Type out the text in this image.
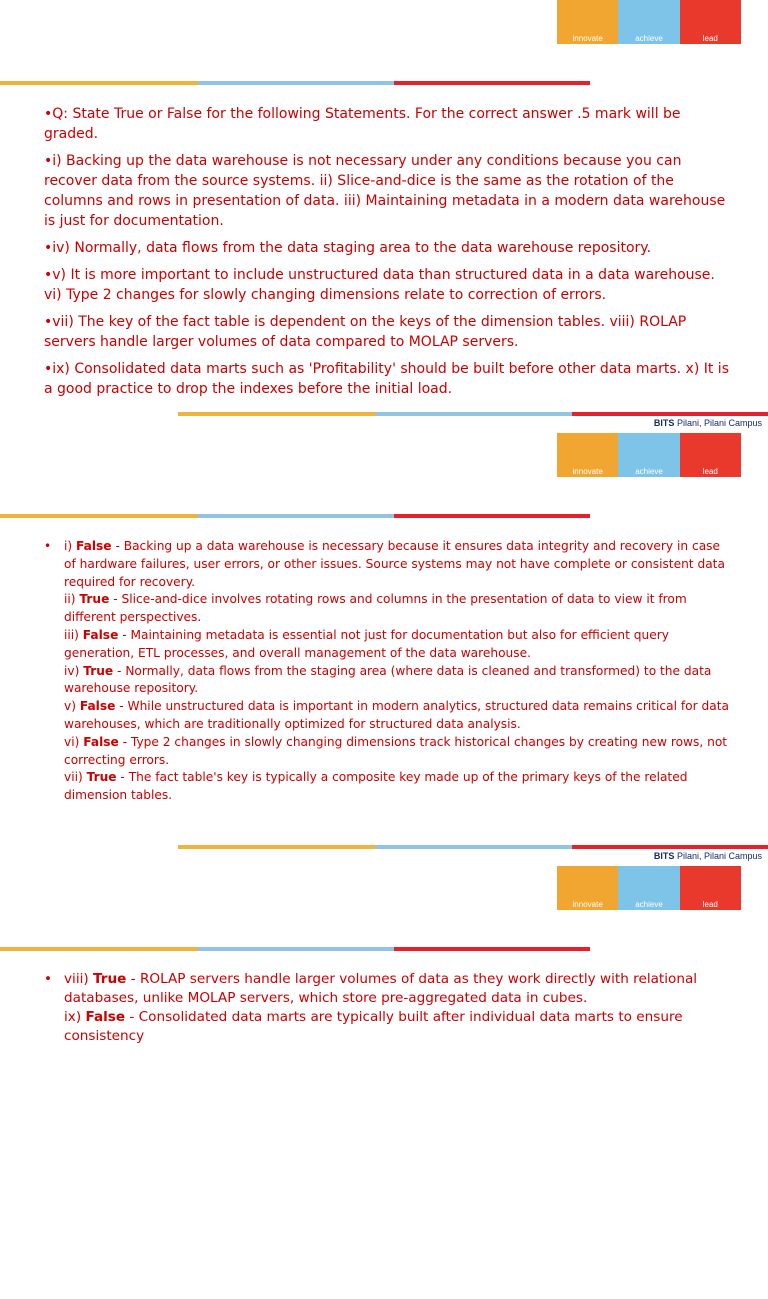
innovate	achieve	lead

•Q: State True or False for the following Statements. For the correct answer .5 mark will be graded.

•i) Backing up the data warehouse is not necessary under any conditions because you can recover data from the source systems. ii) Slice-and-dice is the same as the rotation of the columns and rows in presentation of data. iii) Maintaining metadata in a modern data warehouse is just for documentation.

•iv) Normally, data flows from the data staging area to the data warehouse repository.

•v) It is more important to include unstructured data than structured data in a data warehouse. vi) Type 2 changes for slowly changing dimensions relate to correction of errors.

•vii) The key of the fact table is dependent on the keys of the dimension tables. viii) ROLAP servers handle larger volumes of data compared to MOLAP servers.

•ix) Consolidated data marts such as 'Profitability' should be built before other data marts. x) It is a good practice to drop the indexes before the initial load.

BITS Pilani, Pilani Campus
innovate	achieve	lead
BITS Pilani, Pilani Campus
• i) False - Backing up a data warehouse is necessary because it ensures data integrity and recovery in case of hardware failures, user errors, or other issues. Source systems may not have complete or consistent data required for recovery.
ii) True - Slice-and-dice involves rotating rows and columns in the presentation of data to view it from different perspectives.
iii) False - Maintaining metadata is essential not just for documentation but also for efficient query generation, ETL processes, and overall management of the data warehouse.
iv) True - Normally, data flows from the staging area (where data is cleaned and transformed) to the data warehouse repository.
v) False - While unstructured data is important in modern analytics, structured data remains critical for data warehouses, which are traditionally optimized for structured data analysis.
vi) False - Type 2 changes in slowly changing dimensions track historical changes by creating new rows, not correcting errors.
vii) True - The fact table's key is typically a composite key made up of the primary keys of the related dimension tables.
innovate	achieve	lead
• viii) True - ROLAP servers handle larger volumes of data as they work directly with relational databases, unlike MOLAP servers, which store pre-aggregated data in cubes.
ix) False - Consolidated data marts are typically built after individual data marts to ensure consistency
